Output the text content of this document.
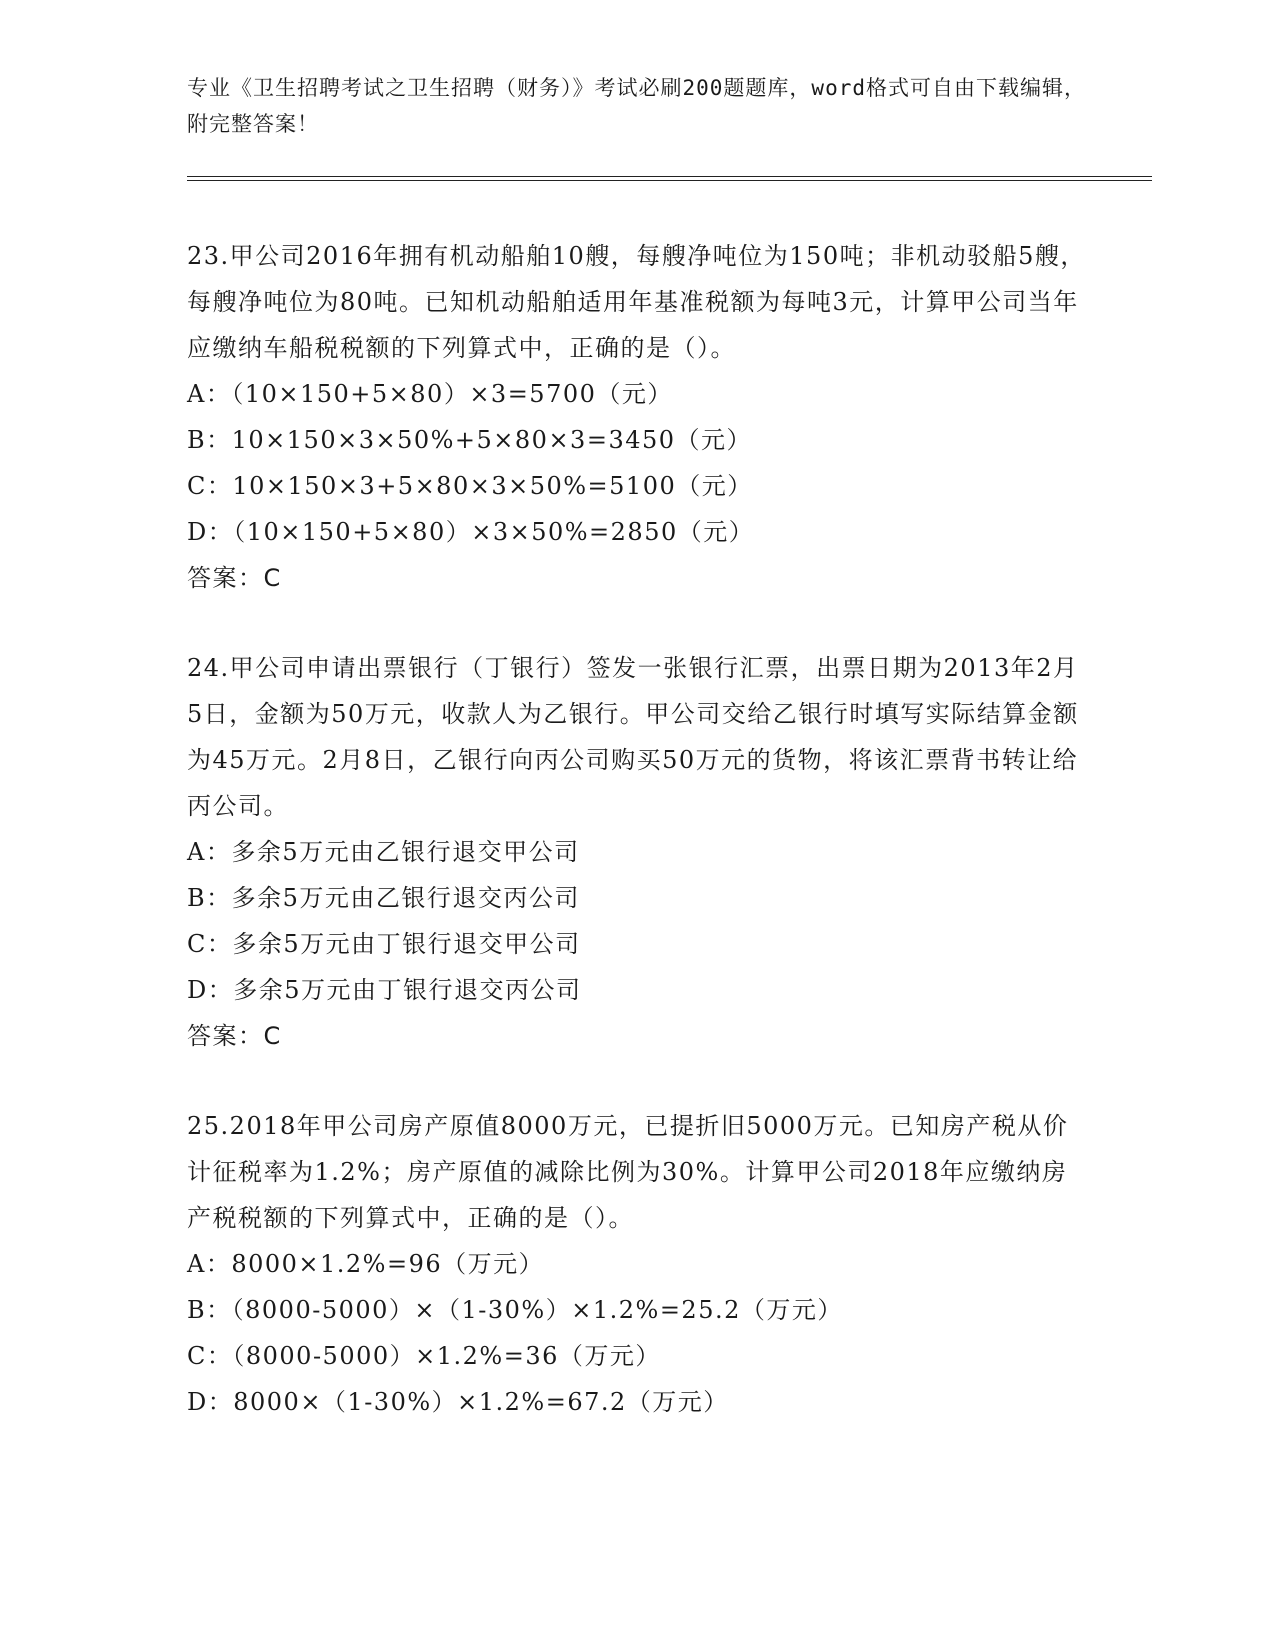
专业《卫生招聘考试之卫生招聘（财务）》考试必刷200题题库，word格式可自由下载编辑，附完整答案！
23.甲公司2016年拥有机动船舶10艘，每艘净吨位为150吨；非机动驳船5艘，每艘净吨位为80吨。已知机动船舶适用年基准税额为每吨3元，计算甲公司当年应缴纳车船税税额的下列算式中，正确的是（）。
A：（10×150+5×80）×3=5700（元）
B：10×150×3×50%+5×80×3=3450（元）
C：10×150×3+5×80×3×50%=5100（元）
D：（10×150+5×80）×3×50%=2850（元）
答案：C
24.甲公司申请出票银行（丁银行）签发一张银行汇票，出票日期为2013年2月5日，金额为50万元，收款人为乙银行。甲公司交给乙银行时填写实际结算金额为45万元。2月8日，乙银行向丙公司购买50万元的货物，将该汇票背书转让给丙公司。
A：多余5万元由乙银行退交甲公司
B：多余5万元由乙银行退交丙公司
C：多余5万元由丁银行退交甲公司
D：多余5万元由丁银行退交丙公司
答案：C
25.2018年甲公司房产原值8000万元，已提折旧5000万元。已知房产税从价计征税率为1.2%；房产原值的减除比例为30%。计算甲公司2018年应缴纳房产税税额的下列算式中，正确的是（）。
A：8000×1.2%=96（万元）
B：（8000-5000）×（1-30%）×1.2%=25.2（万元）
C：（8000-5000）×1.2%=36（万元）
D：8000×（1-30%）×1.2%=67.2（万元）
